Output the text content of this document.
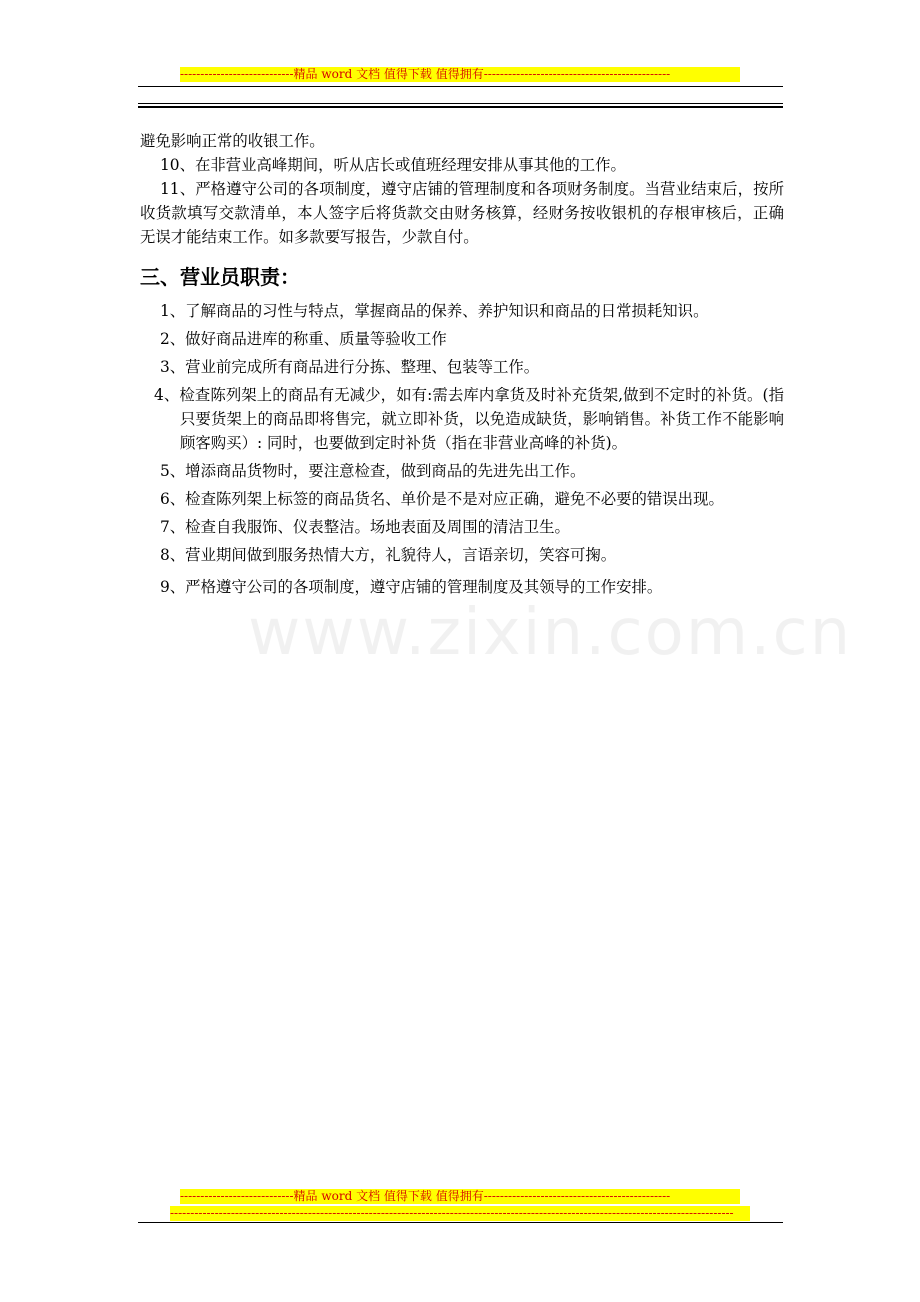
----------------------------精品 word 文档 值得下载 值得拥有----------------------------------------------
www.zixin.com.cn

避免影响正常的收银工作。

10、在非营业高峰期间，听从店长或值班经理安排从事其他的工作。

11、严格遵守公司的各项制度，遵守店铺的管理制度和各项财务制度。当营业结束后，按所收货款填写交款清单，本人签字后将货款交由财务核算，经财务按收银机的存根审核后，正确无误才能结束工作。如多款要写报告，少款自付。

三、营业员职责：

1、了解商品的习性与特点，掌握商品的保养、养护知识和商品的日常损耗知识。

2、做好商品进库的称重、质量等验收工作

3、营业前完成所有商品进行分拣、整理、包装等工作。

4、检查陈列架上的商品有无减少，如有:需去库内拿货及时补充货架,做到不定时的补货。(指只要货架上的商品即将售完，就立即补货，以免造成缺货，影响销售。补货工作不能影响顾客购买）: 同时，也要做到定时补货（指在非营业高峰的补货)。

5、增添商品货物时，要注意检查，做到商品的先进先出工作。

6、检查陈列架上标签的商品货名、单价是不是对应正确，避免不必要的错误出现。

7、检查自我服饰、仪表整洁。场地表面及周围的清洁卫生。

8、营业期间做到服务热情大方，礼貌待人，言语亲切，笑容可掬。

9、严格遵守公司的各项制度，遵守店铺的管理制度及其领导的工作安排。

----------------------------精品 word 文档 值得下载 值得拥有----------------------------------------------
-------------------------------------------------------------------------------------------------------------------------------------------
